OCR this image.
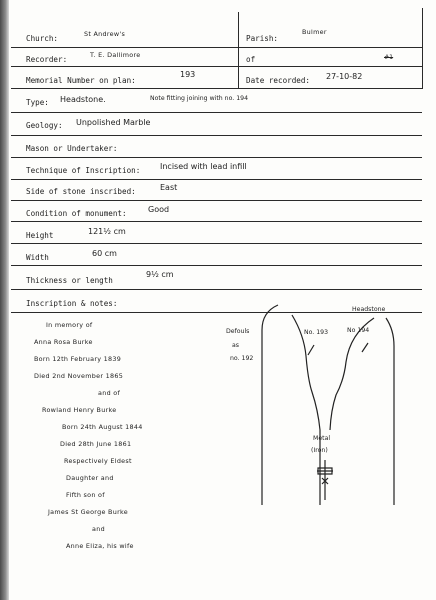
Church:	St Andrew's	Parish:
Bulmer
Recorder:	T. E. Dallimore	of	#1
Memorial Number on plan:
193
Date recorded: 27-10-82
Type: Headstone.	Note fitting joining with no. 194
Geology: Unpolished Marble
Mason or Undertaker:
Technique of Inscription: Incised with lead infill
Side of stone inscribed:	East
Condition of monument:	Good
Height	121½ cm
Width	60 cm
Thickness or length
9½ cm
Inscription & notes:
In memory of
Anna Rosa Burke
Born 12th February 1839
Died 2nd November 1865
and of
Rowland Henry Burke
Born 24th August 1844
Died 28th June 1861
Respectively Eldest
Daughter and
Fifth son of
James St George Burke
and
Anne Eliza, his wife
Headstone
No. 193	No 194
Defouls
as
no. 192
Metal
(Iron)
